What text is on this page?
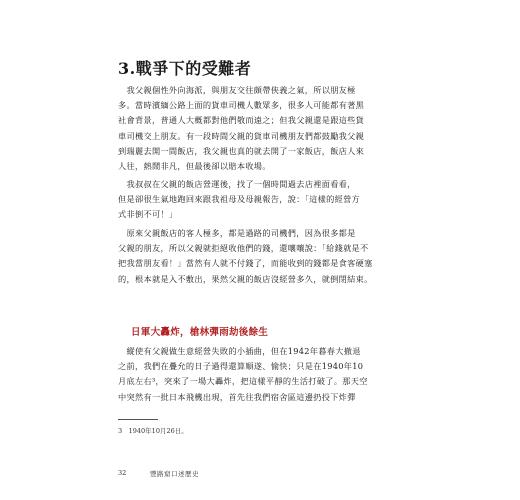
3.戰爭下的受難者
　我父親個性外向海派，與朋友交往頗帶俠義之氣，所以朋友極
多。當時濱緬公路上面的貨車司機人數眾多，很多人可能都有著黑
社會背景，普通人大概都對他們敬而遠之；但我父親還是跟這些貨
車司機交上朋友。有一段時間父親的貨車司機朋友們都鼓勵我父親
到瑞麗去開一間飯店，我父親也真的就去開了一家飯店，飯店人來
人往，熱鬧非凡，但最後卻以賠本收場。
　我叔叔在父親的飯店營運後，找了一個時間過去店裡面看看，
但是卻很生氣地跑回來跟我祖母及母親報告，說：「這樣的經營方
式非倒不可！」
　原來父親飯店的客人極多，都是過路的司機們，因為很多都是
父親的朋友，所以父親就拒絕收他們的錢，還嚷嚷說：「給錢就是不
把我當朋友看！」當然有人就不付錢了，而能收到的錢都是食客硬塞
的，根本就是入不敷出，果然父親的飯店沒經營多久，就倒閉結束。
日軍大轟炸，槍林彈雨劫後餘生
　縱使有父親做生意經營失敗的小插曲，但在1942年暮春大撤退
之前，我們在疊允的日子過得還算順遂、愉快；只是在1940年10
月底左右³，突來了一場大轟炸，把這樣平靜的生活打破了。那天空
中突然有一批日本飛機出現，首先往我們宿舍區這邊扔投下炸彈
3　1940年10月26日。
32	豐路窟口述歷史
